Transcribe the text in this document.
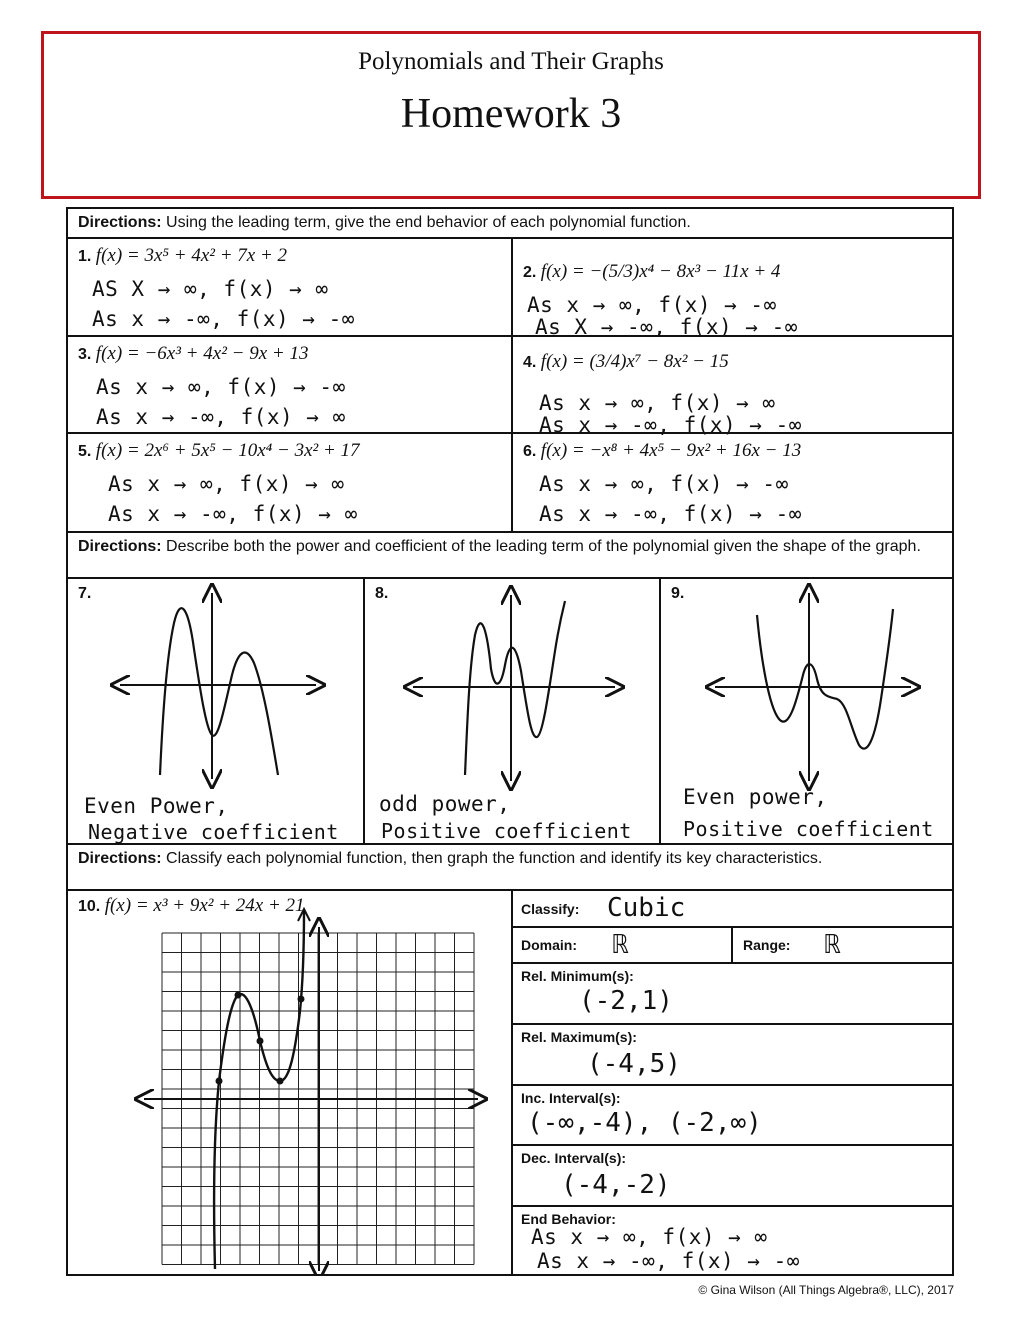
Polynomials and Their Graphs
Homework 3
Directions: Using the leading term, give the end behavior of each polynomial function.
1. f(x) = 3x⁵ + 4x² + 7x + 2
AS X → ∞, f(x) → ∞
As x → -∞, f(x) → -∞
2. f(x) = −(5/3)x⁴ − 8x³ − 11x + 4
As x → ∞, f(x) → -∞
As X → -∞, f(x) → -∞
3. f(x) = −6x³ + 4x² − 9x + 13
As x → ∞, f(x) → -∞
As x → -∞, f(x) → ∞
4. f(x) = (3/4)x⁷ − 8x² − 15
As x → ∞, f(x) → ∞
As x → -∞, f(x) → -∞
5. f(x) = 2x⁶ + 5x⁵ − 10x⁴ − 3x² + 17
As x → ∞, f(x) → ∞
As x → -∞, f(x) → ∞
6. f(x) = −x⁸ + 4x⁵ − 9x² + 16x − 13
As x → ∞, f(x) → -∞
As x → -∞, f(x) → -∞
Directions: Describe both the power and coefficient of the leading term of the polynomial given the shape of the graph.
7.
Even Power,
Negative coefficient
8.
odd power,
Positive coefficient
9.
Even power,
Positive coefficient
Directions: Classify each polynomial function, then graph the function and identify its key characteristics.
10. f(x) = x³ + 9x² + 24x + 21	Classify: Cubic
Domain: ℝ	Range: ℝ
Rel. Minimum(s):
(-2,1)
Rel. Maximum(s):
(-4,5)
Inc. Interval(s):
(-∞,-4), (-2,∞)
Dec. Interval(s):
(-4,-2)
End Behavior:
As x → ∞, f(x) → ∞
As x → -∞, f(x) → -∞
© Gina Wilson (All Things Algebra®, LLC), 2017
